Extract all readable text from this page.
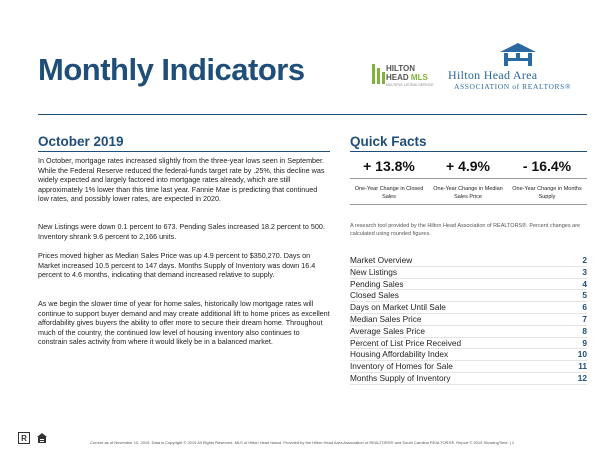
Monthly Indicators	HILTON
HEAD MLS
MULTIPLE LISTING SERVICE
Hilton Head Area
ASSOCIATION of REALTORS®
October 2019

In October, mortgage rates increased slightly from the three-year lows seen in September. While the Federal Reserve reduced the federal-funds target rate by .25%, this decline was widely expected and largely factored into mortgage rates already, which are still approximately 1% lower than this time last year. Fannie Mae is predicting that continued low rates, and possibly lower rates, are expected in 2020.

New Listings were down 0.1 percent to 673. Pending Sales increased 18.2 percent to 500. Inventory shrank 9.6 percent to 2,166 units.

Prices moved higher as Median Sales Price was up 4.9 percent to $350,270. Days on Market increased 10.5 percent to 147 days. Months Supply of Inventory was down 16.4 percent to 4.6 months, indicating that demand increased relative to supply.

As we begin the slower time of year for home sales, historically low mortgage rates will continue to support buyer demand and may create additional lift to home prices as excellent affordability gives buyers the ability to offer more to secure their dream home. Throughout much of the country, the continued low level of housing inventory also continues to constrain sales activity from where it would likely be in a balanced market.

Quick Facts
+ 13.8%
One-Year Change in Closed Sales
+ 4.9%
One-Year Change in Median Sales Price
- 16.4%
One-Year Change in Months Supply
A research tool provided by the Hilton Head Association of REALTORS®. Percent changes are calculated using rounded figures.
Market Overview	2
New Listings	3
Pending Sales	4
Closed Sales	5
Days on Market Until Sale	6
Median Sales Price	7
Average Sales Price	8
Percent of List Price Received	9
Housing Affordability Index	10
Inventory of Homes for Sale	11
Months Supply of Inventory	12
R	Current as of November 10, 2019. Data is Copyright © 2019 All Rights Reserved. MLS of Hilton Head Island. Provided by the Hilton Head Area Association of REALTORS® and South Carolina REALTORS®. Report © 2019 ShowingTime. | 1
